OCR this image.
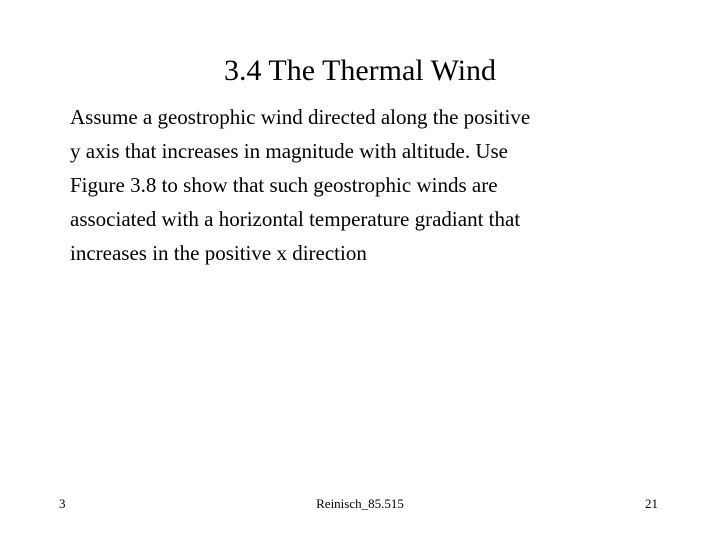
3.4 The Thermal Wind
Assume a geostrophic wind directed along the positive
y axis that increases in magnitude with altitude. Use
Figure 3.8 to show that such geostrophic winds are
associated with a horizontal temperature gradiant that
increases in the positive x direction
3	Reinisch_85.515	21
